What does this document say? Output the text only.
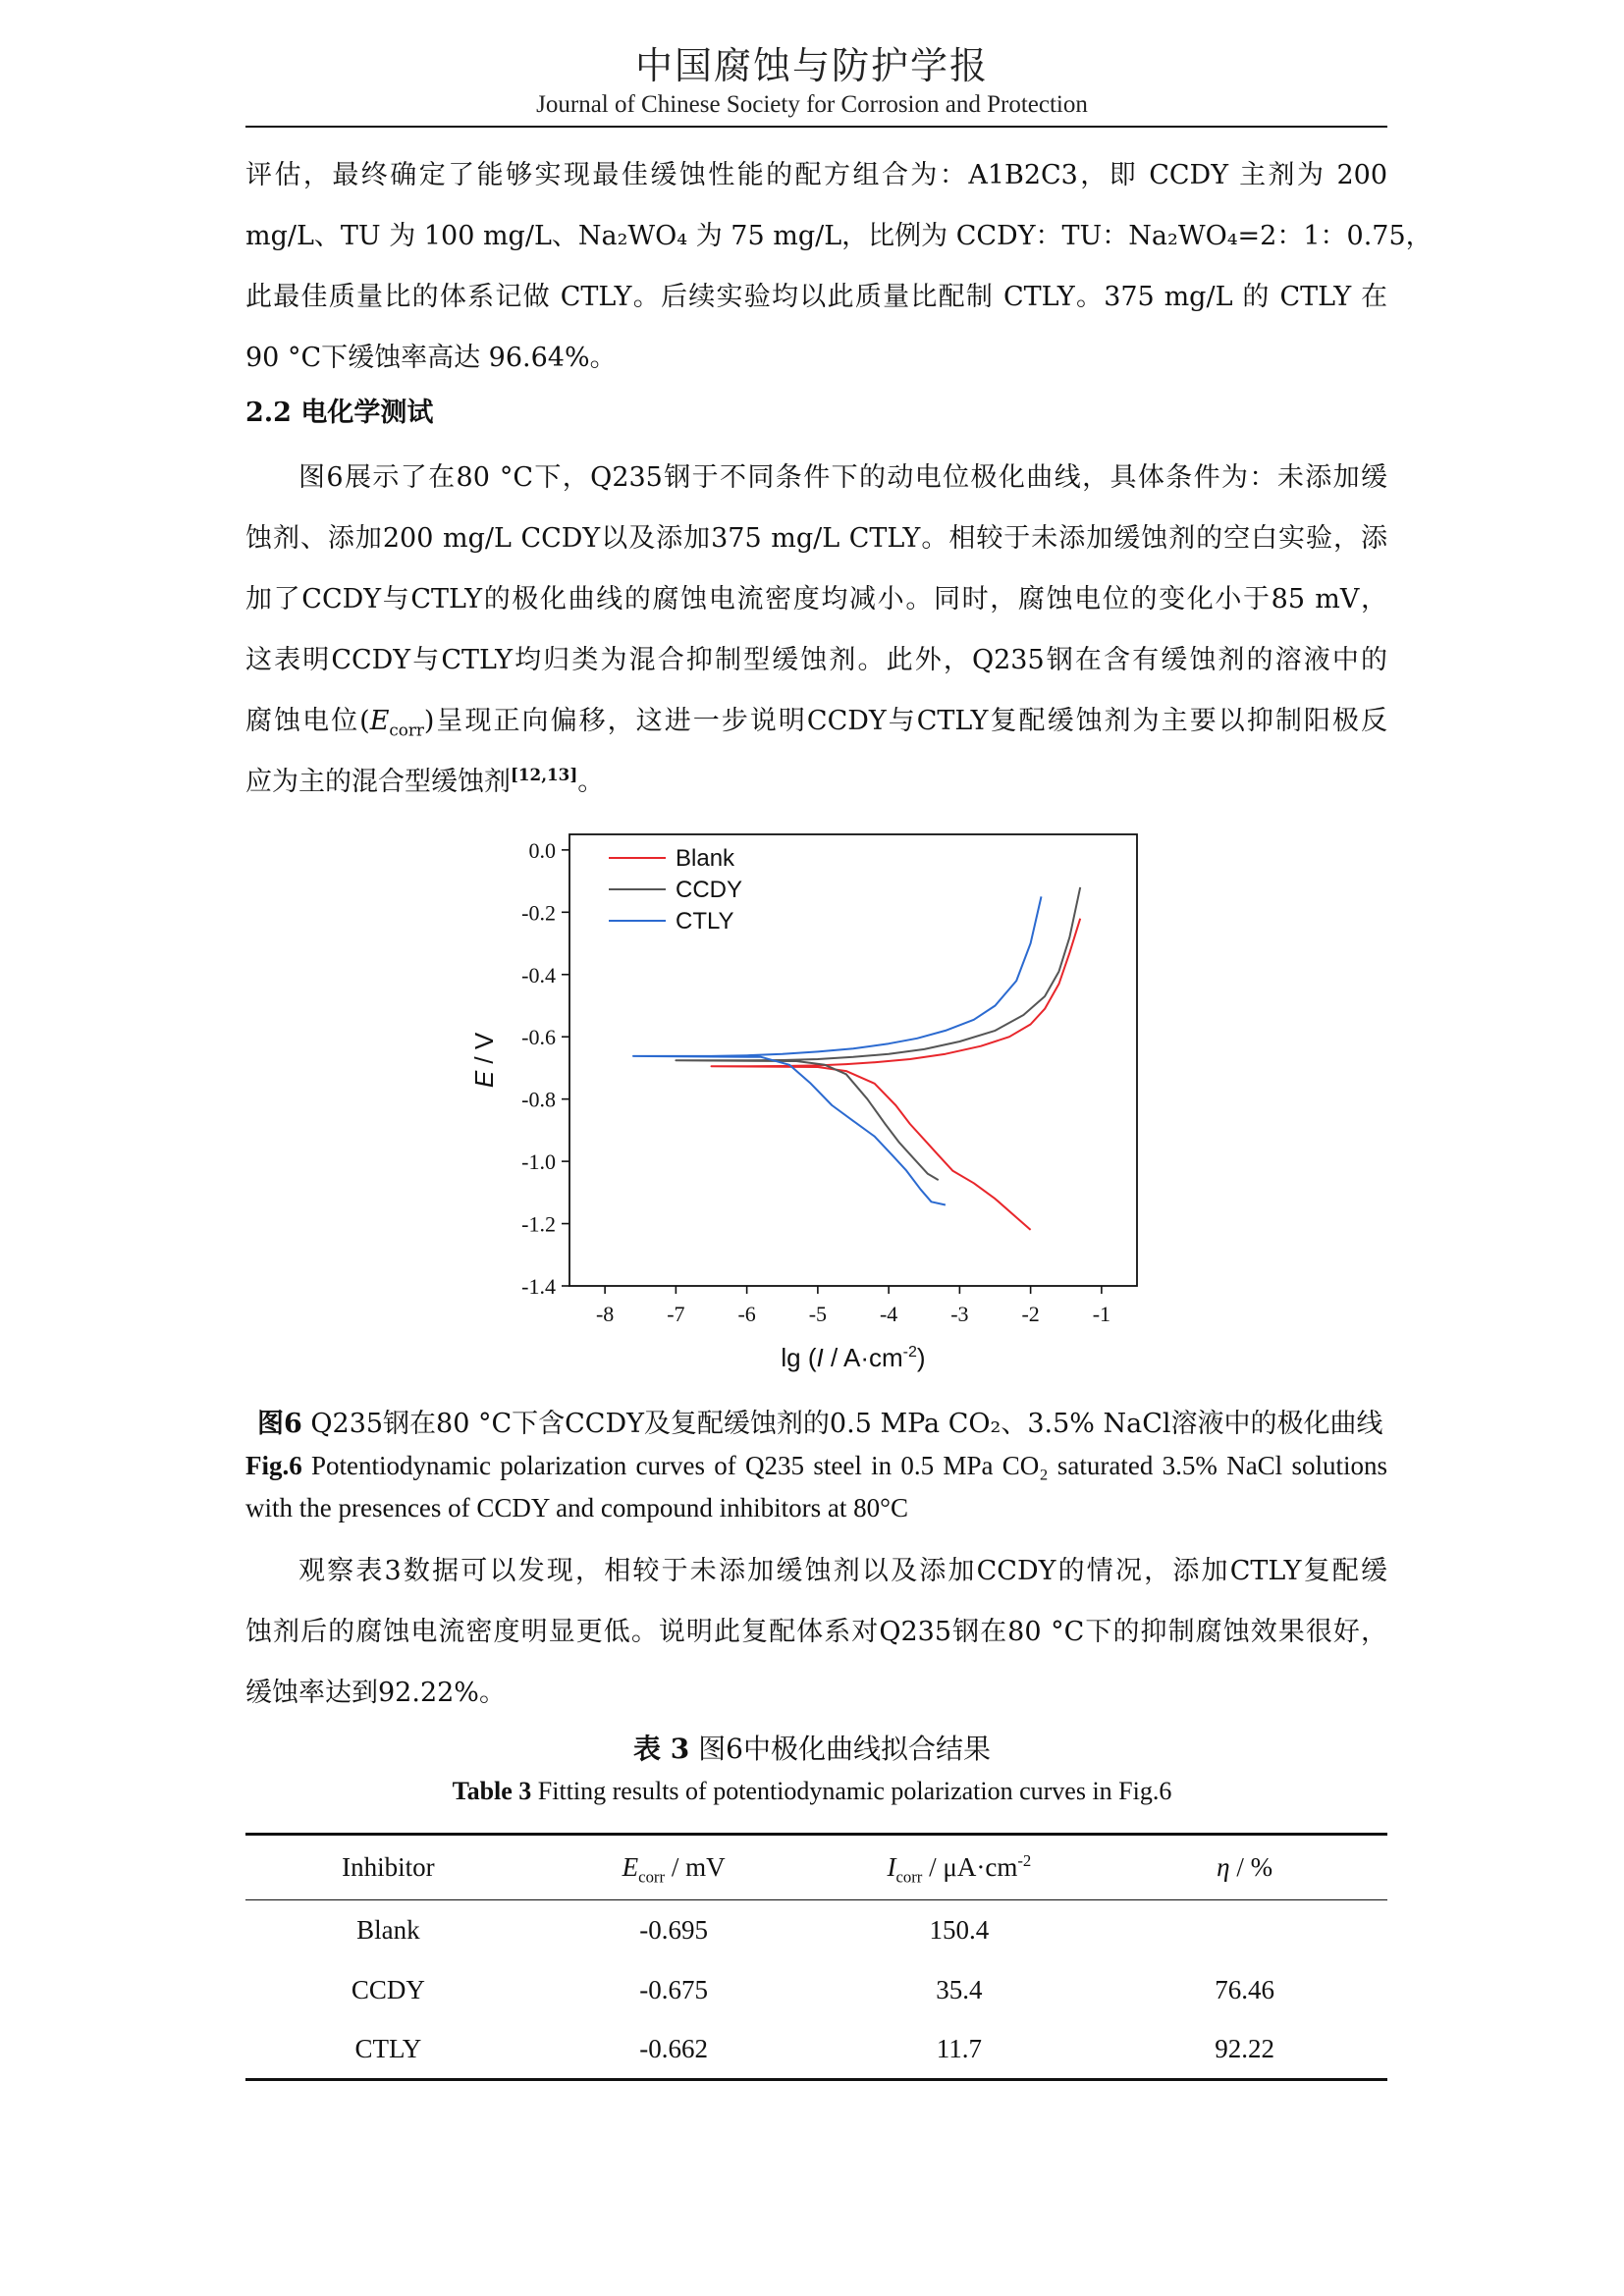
中国腐蚀与防护学报
Journal of Chinese Society for Corrosion and Protection

评估，最终确定了能够实现最佳缓蚀性能的配方组合为：A1B2C3，即 CCDY 主剂为 200
mg/L、TU 为 100 mg/L、Na₂WO₄ 为 75 mg/L，比例为 CCDY：TU：Na₂WO₄=2：1：0.75，
此最佳质量比的体系记做 CTLY。后续实验均以此质量比配制 CTLY。375 mg/L 的 CTLY 在
90 °C下缓蚀率高达 96.64%。

2.2 电化学测试

图6展示了在80 °C下，Q235钢于不同条件下的动电位极化曲线，具体条件为：未添加缓
蚀剂、添加200 mg/L CCDY以及添加375 mg/L CTLY。相较于未添加缓蚀剂的空白实验，添
加了CCDY与CTLY的极化曲线的腐蚀电流密度均减小。同时，腐蚀电位的变化小于85 mV，
这表明CCDY与CTLY均归类为混合抑制型缓蚀剂。此外，Q235钢在含有缓蚀剂的溶液中的
腐蚀电位$(E_{corr})$呈现正向偏移，这进一步说明CCDY与CTLY复配缓蚀剂为主要以抑制阳极反
应为主的混合型缓蚀剂[12,13]。

-8 -7 -6 -5 -4 -3 -2 -1
0.0
-0.2
-0.4
-0.6
-0.8
-1.0
-1.2
-1.4
Blank
CCDY
CTLY
$\lg (I / A\cdot cm^{-2})$
E / V
图6 Q235钢在80 °C下含CCDY及复配缓蚀剂的0.5 MPa CO₂、3.5% NaCl溶液中的极化曲线
Fig.6 Potentiodynamic polarization curves of Q235 steel in 0.5 MPa CO₂ saturated 3.5% NaCl solutions with the presences of CCDY and compound inhibitors at 80°C

观察表3数据可以发现，相较于未添加缓蚀剂以及添加CCDY的情况，添加CTLY复配缓
蚀剂后的腐蚀电流密度明显更低。说明此复配体系对Q235钢在80 °C下的抑制腐蚀效果很好，
缓蚀率达到92.22%。

表 3 图6中极化曲线拟合结果
Table 3 Fitting results of potentiodynamic polarization curves in Fig.6
Inhibitor	$E_{corr}$ / mV	$I_{corr} / \mu A\cdot cm^{-2}$	η / %
Blank	-0.695	150.4	
CCDY	-0.675	35.4	76.46
CTLY	-0.662	11.7	92.22
